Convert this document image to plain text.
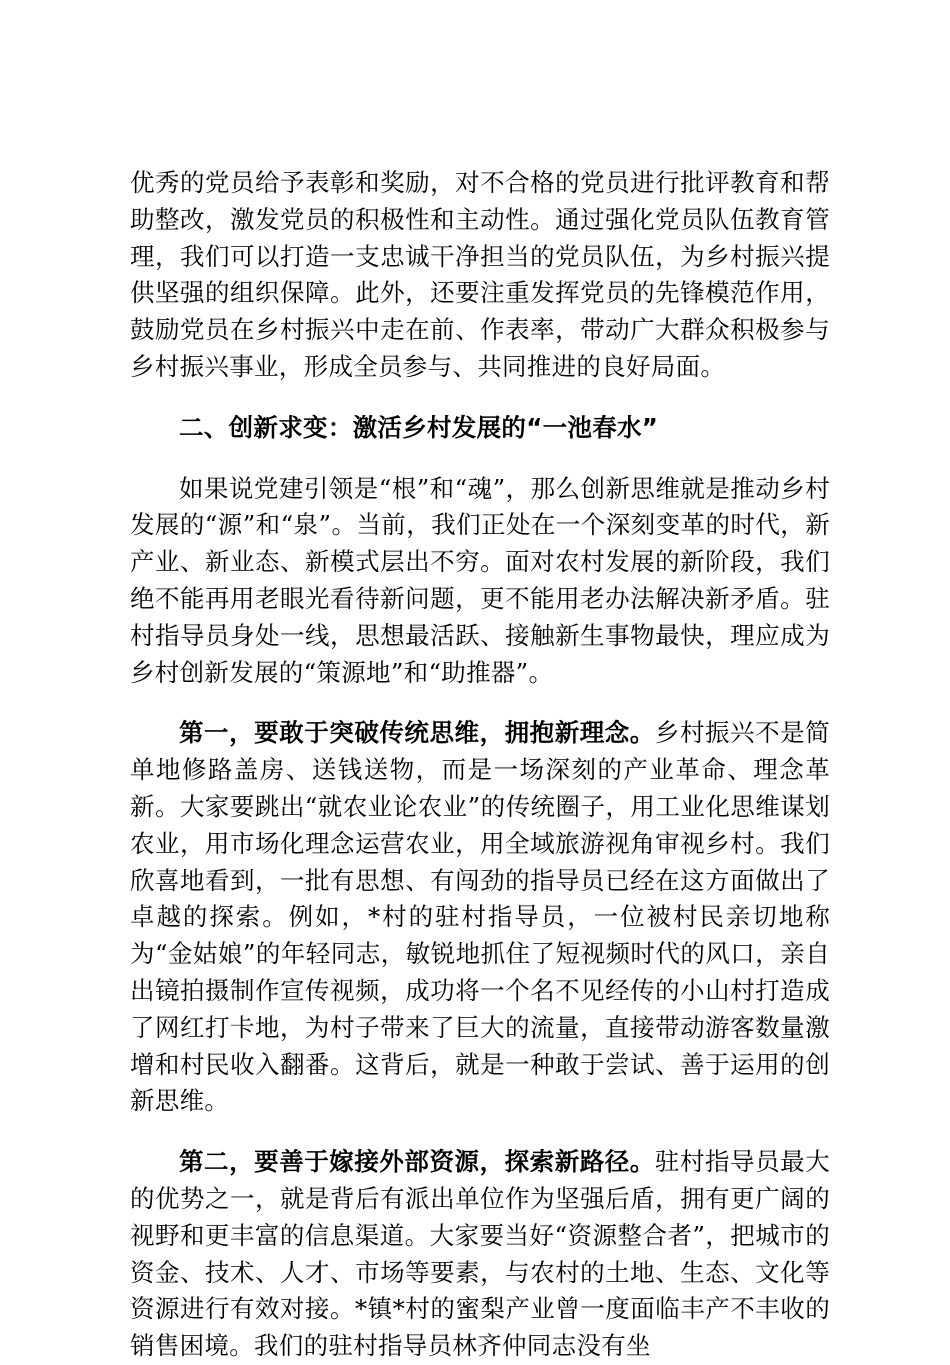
优秀的党员给予表彰和奖励，对不合格的党员进行批评教育和帮助整改，激发党员的积极性和主动性。通过强化党员队伍教育管理，我们可以打造一支忠诚干净担当的党员队伍，为乡村振兴提供坚强的组织保障。此外，还要注重发挥党员的先锋模范作用，鼓励党员在乡村振兴中走在前、作表率，带动广大群众积极参与乡村振兴事业，形成全员参与、共同推进的良好局面。

二、创新求变：激活乡村发展的“一池春水”

如果说党建引领是“根”和“魂”，那么创新思维就是推动乡村发展的“源”和“泉”。当前，我们正处在一个深刻变革的时代，新产业、新业态、新模式层出不穷。面对农村发展的新阶段，我们绝不能再用老眼光看待新问题，更不能用老办法解决新矛盾。驻村指导员身处一线，思想最活跃、接触新生事物最快，理应成为乡村创新发展的“策源地”和“助推器”。

第一，要敢于突破传统思维，拥抱新理念。乡村振兴不是简单地修路盖房、送钱送物，而是一场深刻的产业革命、理念革新。大家要跳出“就农业论农业”的传统圈子，用工业化思维谋划农业，用市场化理念运营农业，用全域旅游视角审视乡村。我们欣喜地看到，一批有思想、有闯劲的指导员已经在这方面做出了卓越的探索。例如，*村的驻村指导员，一位被村民亲切地称为“金姑娘”的年轻同志，敏锐地抓住了短视频时代的风口，亲自出镜拍摄制作宣传视频，成功将一个名不见经传的小山村打造成了网红打卡地，为村子带来了巨大的流量，直接带动游客数量激增和村民收入翻番。这背后，就是一种敢于尝试、善于运用的创新思维。

第二，要善于嫁接外部资源，探索新路径。驻村指导员最大的优势之一，就是背后有派出单位作为坚强后盾，拥有更广阔的视野和更丰富的信息渠道。大家要当好“资源整合者”，把城市的资金、技术、人才、市场等要素，与农村的土地、生态、文化等资源进行有效对接。*镇*村的蜜梨产业曾一度面临丰产不丰收的销售困境。我们的驻村指导员林齐仲同志没有坐
